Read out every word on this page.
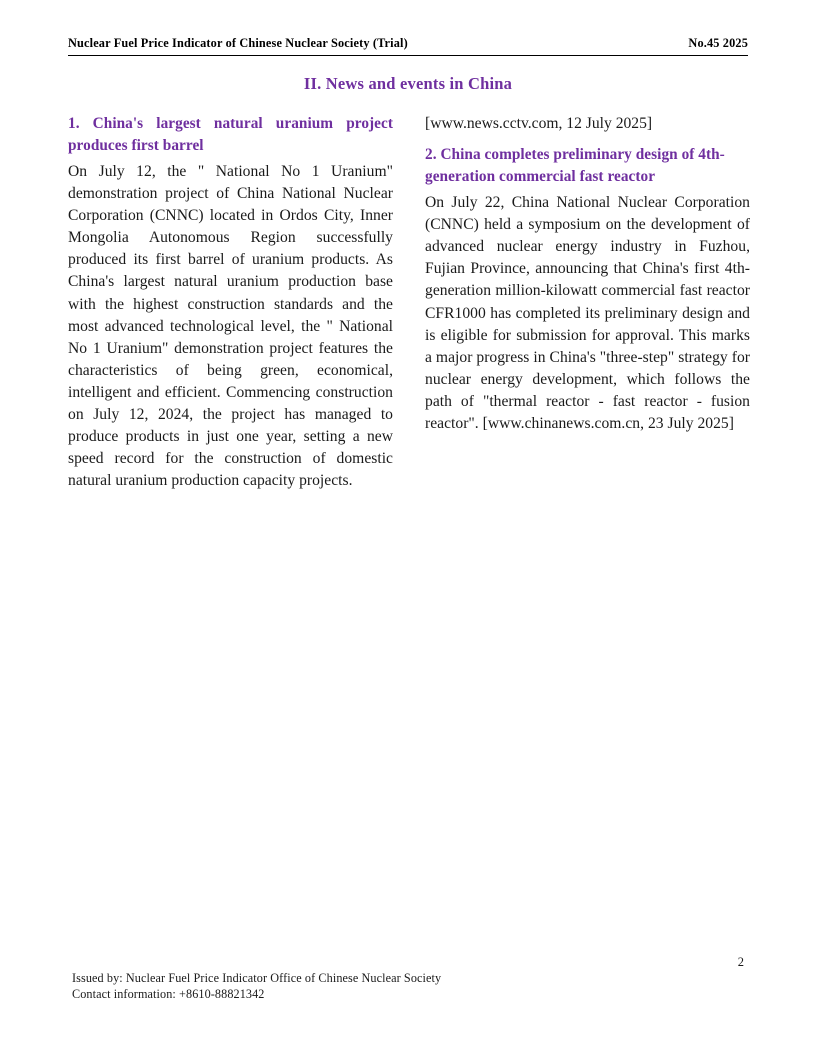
Nuclear Fuel Price Indicator of Chinese Nuclear Society (Trial)	No.45 2025
II. News and events in China
1. China's largest natural uranium project produces first barrel

On July 12, the " National No 1 Uranium" demonstration project of China National Nuclear Corporation (CNNC) located in Ordos City, Inner Mongolia Autonomous Region successfully produced its first barrel of uranium products. As China's largest natural uranium production base with the highest construction standards and the most advanced technological level, the " National No 1 Uranium" demonstration project features the characteristics of being green, economical, intelligent and efficient. Commencing construction on July 12, 2024, the project has managed to produce products in just one year, setting a new speed record for the construction of domestic natural uranium production capacity projects.

[www.news.cctv.com, 12 July 2025]

2. China completes preliminary design of 4th-generation commercial fast reactor

On July 22, China National Nuclear Corporation (CNNC) held a symposium on the development of advanced nuclear energy industry in Fuzhou, Fujian Province, announcing that China's first 4th-generation million-kilowatt commercial fast reactor CFR1000 has completed its preliminary design and is eligible for submission for approval. This marks a major progress in China's "three-step" strategy for nuclear energy development, which follows the path of "thermal reactor - fast reactor - fusion reactor". [www.chinanews.com.cn, 23 July 2025]

2
Issued by: Nuclear Fuel Price Indicator Office of Chinese Nuclear Society
Contact information: +8610-88821342
